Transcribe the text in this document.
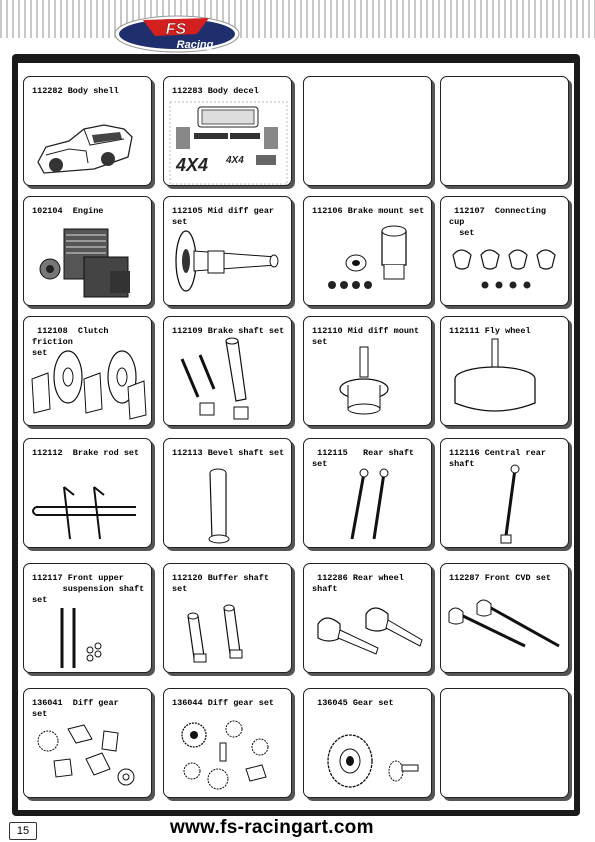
FS
Racing
112282 Body shell	112283 Body decel
4X4 4X4
102104  Engine	112105 Mid diff gear set
112106 Brake mount set	112107  Connecting cup
set
112108  Clutch friction
set
112109 Brake shaft set	112110 Mid diff mount
set
112111 Fly wheel
112112  Brake rod set	112113 Bevel shaft set	112115   Rear shaft set
112116 Central rear shaft
112117 Front upper
suspension shaft set
112120 Buffer shaft set
112286 Rear wheel shaft
112287 Front CVD set
136041  Diff gear   set
136044 Diff gear set	136045 Gear set
15	www.fs-racingart.com
